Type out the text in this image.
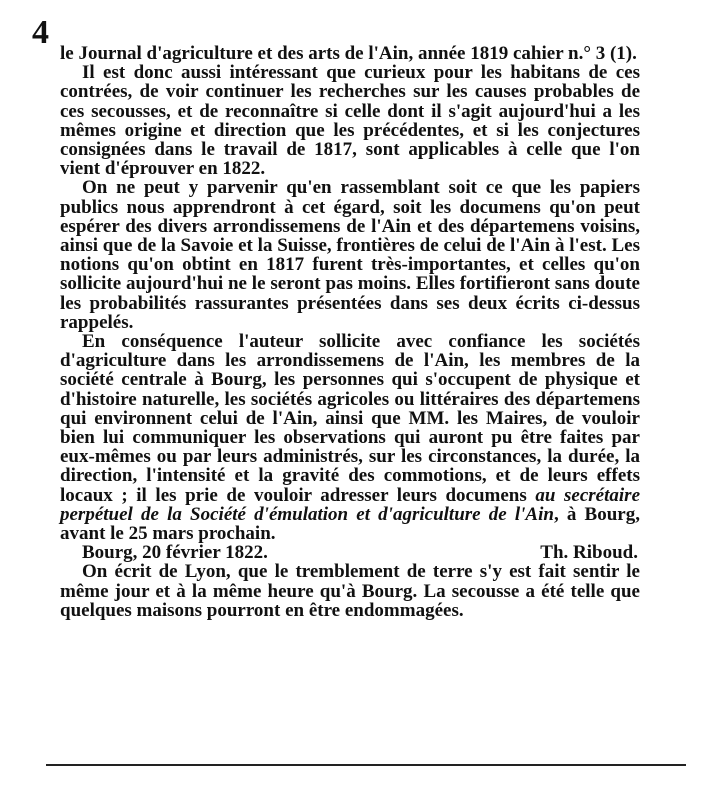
4

le Journal d'agriculture et des arts de l'Ain, année 1819 cahier n.° 3 (1).

Il est donc aussi intéressant que curieux pour les habitans de ces contrées, de voir continuer les recherches sur les causes probables de ces secousses, et de reconnaître si celle dont il s'agit aujourd'hui a les mêmes origine et direction que les précédentes, et si les conjectures consignées dans le travail de 1817, sont applicables à celle que l'on vient d'éprouver en 1822.

On ne peut y parvenir qu'en rassemblant soit ce que les papiers publics nous apprendront à cet égard, soit les documens qu'on peut espérer des divers arrondissemens de l'Ain et des départemens voisins, ainsi que de la Savoie et la Suisse, frontières de celui de l'Ain à l'est. Les notions qu'on obtint en 1817 furent très-importantes, et celles qu'on sollicite aujourd'hui ne le seront pas moins. Elles fortifieront sans doute les probabilités rassurantes présentées dans ses deux écrits ci-dessus rappelés.

En conséquence l'auteur sollicite avec confiance les sociétés d'agriculture dans les arrondissemens de l'Ain, les membres de la société centrale à Bourg, les personnes qui s'occupent de physique et d'histoire naturelle, les sociétés agricoles ou littéraires des départemens qui environnent celui de l'Ain, ainsi que MM. les Maires, de vouloir bien lui communiquer les observations qui auront pu être faites par eux-mêmes ou par leurs administrés, sur les circonstances, la durée, la direction, l'intensité et la gravité des commotions, et de leurs effets locaux ; il les prie de vouloir adresser leurs documens au secrétaire perpétuel de la Société d'émulation et d'agriculture de l'Ain, à Bourg, avant le 25 mars prochain.

Bourg, 20 février 1822.	Th. Riboud.

On écrit de Lyon, que le tremblement de terre s'y est fait sentir le même jour et à la même heure qu'à Bourg. La secousse a été telle que quelques maisons pourront en être endommagées.
